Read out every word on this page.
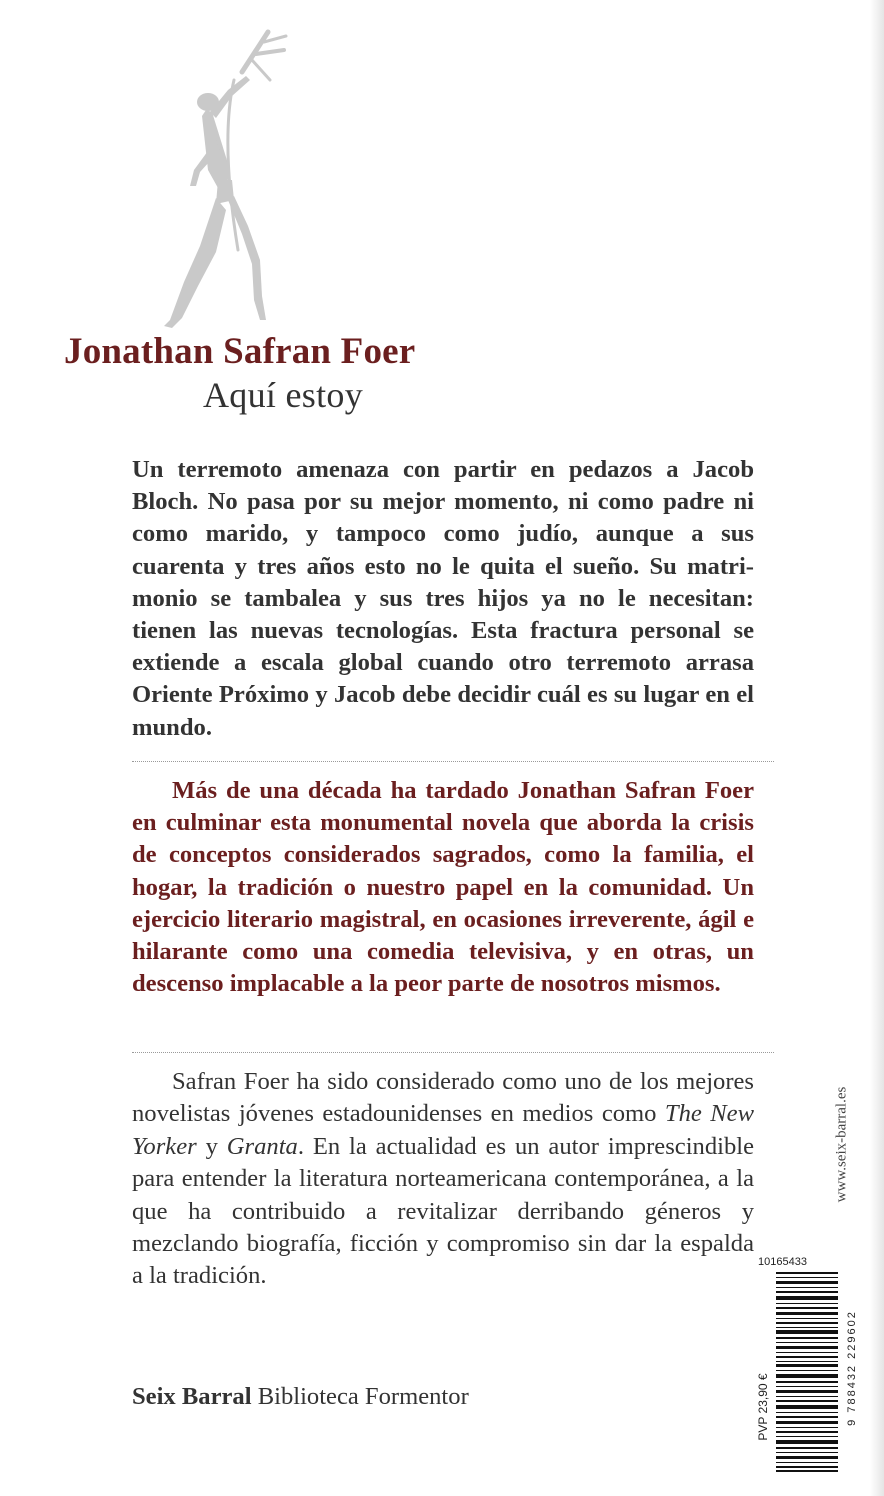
Jonathan Safran Foer
Aquí estoy

Un terremoto amenaza con partir en pedazos a Jacob Bloch. No pasa por su mejor momento, ni como padre ni como marido, y tampoco como judío, aunque a sus cuarenta y tres años esto no le quita el sueño. Su matrimonio se tambalea y sus tres hijos ya no le necesitan: tienen las nuevas tecnologías. Esta fractura personal se extiende a escala global cuando otro terremoto arrasa Oriente Próximo y Jacob debe decidir cuál es su lugar en el mundo.

Más de una década ha tardado Jonathan Safran Foer en culminar esta monumental novela que aborda la crisis de conceptos considerados sagrados, como la familia, el hogar, la tradición o nuestro papel en la comunidad. Un ejercicio literario magistral, en ocasiones irreverente, ágil e hilarante como una comedia televisiva, y en otras, un descenso implacable a la peor parte de nosotros mismos.

Safran Foer ha sido considerado como uno de los mejores novelistas jóvenes estadounidenses en medios como The New Yorker y Granta. En la actualidad es un autor imprescindible para entender la literatura norteamericana contemporánea, a la que ha contribuido a revitalizar derribando géneros y mezclando biografía, ficción y compromiso sin dar la espalda a la tradición.

Seix Barral Biblioteca Formentor
www.seix-barral.es
10165433
PVP 23,90 €	9 788432 229602
